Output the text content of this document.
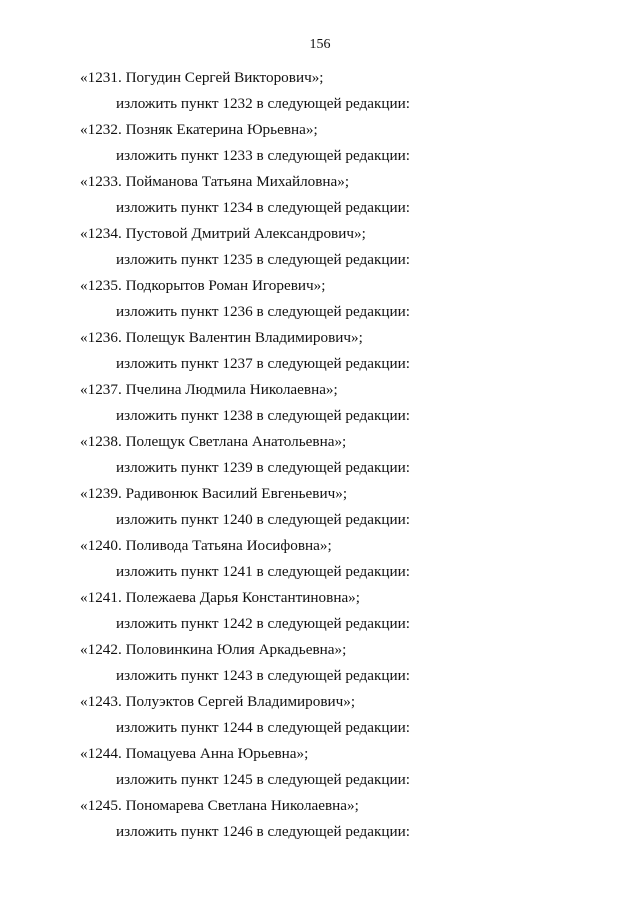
156
«1231. Погудин Сергей Викторович»;
изложить пункт 1232 в следующей редакции:
«1232. Позняк Екатерина Юрьевна»;
изложить пункт 1233 в следующей редакции:
«1233. Пойманова Татьяна Михайловна»;
изложить пункт 1234 в следующей редакции:
«1234. Пустовой Дмитрий Александрович»;
изложить пункт 1235 в следующей редакции:
«1235. Подкорытов Роман Игоревич»;
изложить пункт 1236 в следующей редакции:
«1236. Полещук Валентин Владимирович»;
изложить пункт 1237 в следующей редакции:
«1237. Пчелина Людмила Николаевна»;
изложить пункт 1238 в следующей редакции:
«1238. Полещук Светлана Анатольевна»;
изложить пункт 1239 в следующей редакции:
«1239. Радивонюк Василий Евгеньевич»;
изложить пункт 1240 в следующей редакции:
«1240. Поливода Татьяна Иосифовна»;
изложить пункт 1241 в следующей редакции:
«1241. Полежаева Дарья Константиновна»;
изложить пункт 1242 в следующей редакции:
«1242. Половинкина Юлия Аркадьевна»;
изложить пункт 1243 в следующей редакции:
«1243. Полуэктов Сергей Владимирович»;
изложить пункт 1244 в следующей редакции:
«1244. Помацуева Анна Юрьевна»;
изложить пункт 1245 в следующей редакции:
«1245. Пономарева Светлана Николаевна»;
изложить пункт 1246 в следующей редакции:
